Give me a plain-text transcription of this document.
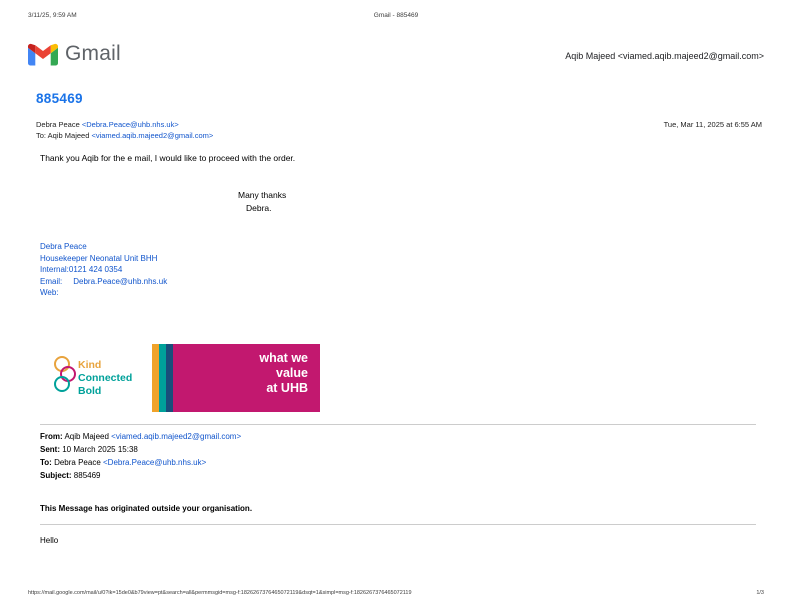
3/11/25, 9:59 AM	Gmail - 885469
Gmail	Aqib Majeed <viamed.aqib.majeed2@gmail.com>
885469
Debra Peace <Debra.Peace@uhb.nhs.uk>
To: Aqib Majeed <viamed.aqib.majeed2@gmail.com>
Tue, Mar 11, 2025 at 6:55 AM
Thank you Aqib for the e mail, I would like to proceed with the order.
Many thanks
Debra.
Debra Peace
Housekeeper Neonatal Unit BHH
Internal:0121 424 0354
Email: Debra.Peace@uhb.nhs.uk
Web:
Kind
Connected
Bold
what we
value
at UHB
From: Aqib Majeed <viamed.aqib.majeed2@gmail.com>
Sent: 10 March 2025 15:38
To: Debra Peace <Debra.Peace@uhb.nhs.uk>
Subject: 885469
This Message has originated outside your organisation.
Hello
https://mail.google.com/mail/u/0?ik=15de0&b79view=pt&search=all&permmsgid=msg-f:1826267376465072119&dsqt=1&simpl=msg-f:1826267376465072119	1/3
